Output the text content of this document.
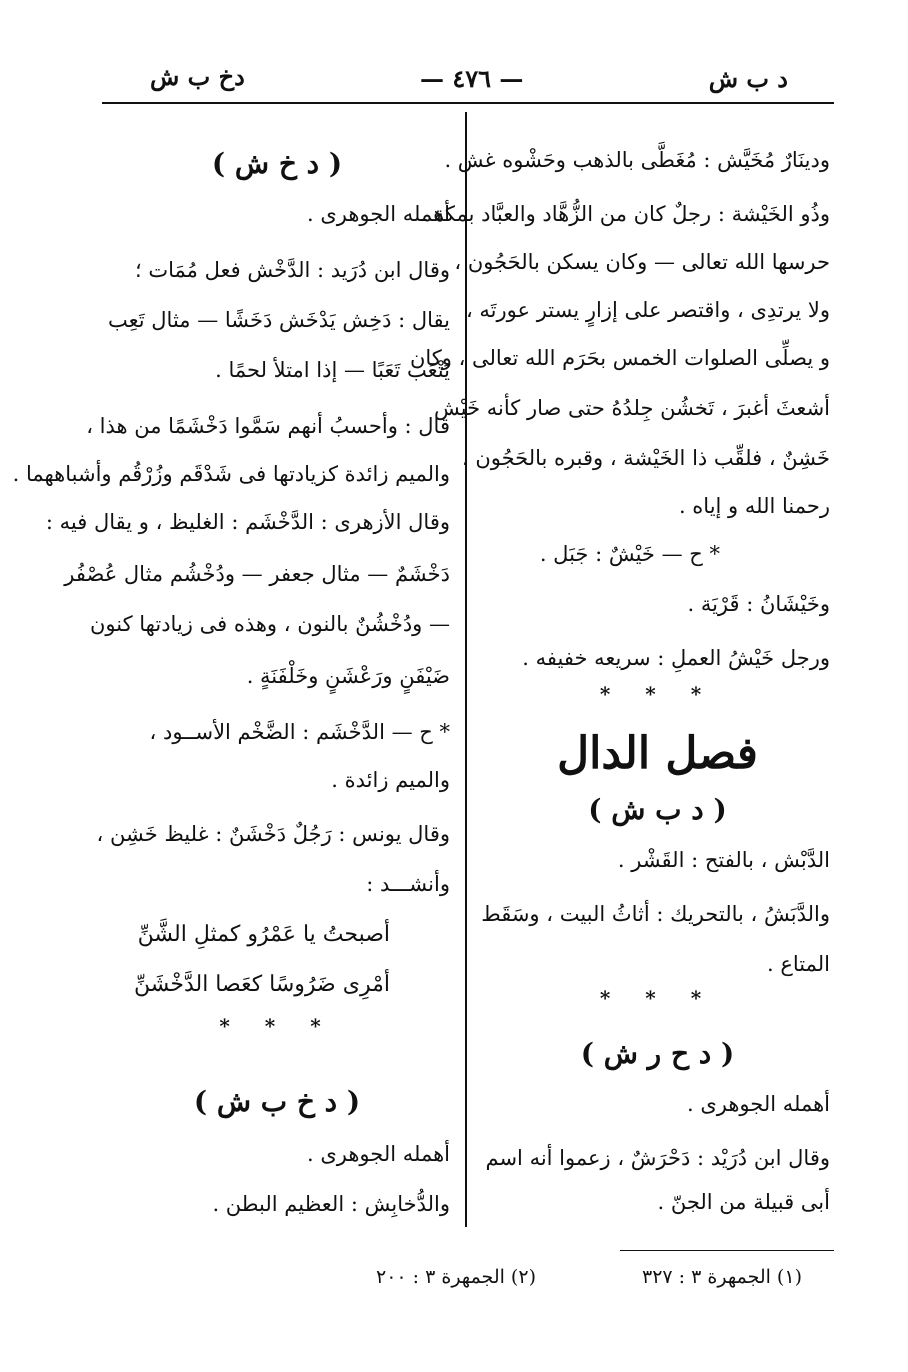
د ب ش
— ٤٧٦ —
دخ ب ش
ودينَارٌ مُخَيَّش : مُغَطَّى بالذهب وحَشْوه غش .
وذُو الخَيْشة : رجلٌ كان من الزُّهَّاد والعبَّاد بمكة ـ
حرسها الله تعالى — وكان يسكن بالحَجُون ،
ولا يرتدِى ، واقتصر على إزارٍ يستر عورتَه ،
و يصلِّى الصلوات الخمس بحَرَم الله تعالى ، وكان
أشعثَ أغبرَ ، تَخشُن جِلدُهُ حتى صار كأنه خَيْش
خَشِنٌ ، فلقِّب ذا الخَيْشة ، وقبره بالحَجُون ،
رحمنا الله و إياه .
* ح — خَيْشٌ : جَبَل .
وخَيْشَانُ : قَرْيَة .
ورجل خَيْشُ العملِ : سريعه خفيفه .
* * *
فصل الدال
( د ب ش )
الدَّبْش ، بالفتح : القَشْر .
والدَّبَشُ ، بالتحريك : أثاثُ البيت ، وسَقَط
المتاع .
* * *
( د ح ر ش )
أهمله الجوهرى .
وقال ابن دُرَيْد : دَحْرَشٌ ، زعموا أنه اسم
أبى قبيلة من الجنّ .
( د خ ش )
أهمله الجوهرى .
وقال ابن دُرَيد : الدَّخْش فعل مُمَات ؛
يقال : دَخِش يَدْخَش دَخَشًا — مثال تَعِب
يَتْعَب تَعَبًا — إذا امتلأ لحمًا .
قال : وأحسبُ أنهم سَمَّوا دَخْشَمًا من هذا ،
والميم زائدة كزيادتها فى شَدْقَم وزُرْقُم وأشباههما .
وقال الأزهرى : الدَّخْشَم : الغليظ ، و يقال فيه :
دَخْشَمٌ — مثال جعفر — ودُخْشُم مثال عُصْفُر
— ودُخْشُنٌ بالنون ، وهذه فى زيادتها كنون
ضَيْفَنٍ ورَعْشَنٍ وخَلْفَنَةٍ .
* ح — الدَّخْشَم : الضَّخْم الأســود ،
والميم زائدة .
وقال يونس : رَجُلٌ دَخْشَنٌ : غليظ خَشِن ،
وأنشـــد :
أصبحتُ يا عَمْرُو كمثلِ الشَّنِّ
أمْرِى ضَرُوسًا كعَصا الدَّخْشَنِّ
* * *
( د خ ب ش )
أهمله الجوهرى .
والدُّخابِش : العظيم البطن .
(١) الجمهرة ٣ : ٣٢٧
(٢) الجمهرة ٣ : ٢٠٠
